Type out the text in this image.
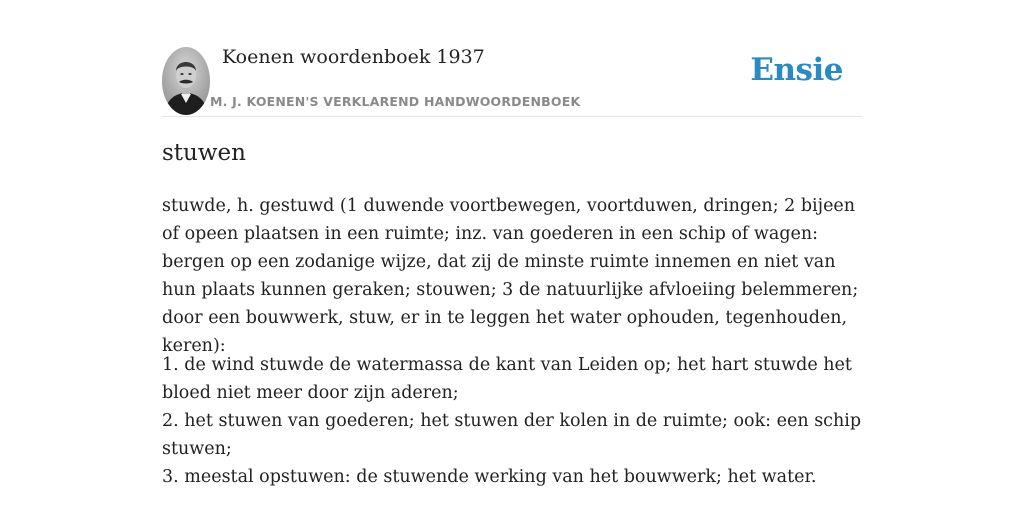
Koenen woordenboek 1937
M. J. KOENEN'S VERKLAREND HANDWOORDENBOEK
Ensie
stuwen

stuwde, h. gestuwd (1 duwende voortbewegen, voortduwen, dringen; 2 bijeen of opeen plaatsen in een ruimte; inz. van goederen in een schip of wagen: bergen op een zodanige wijze, dat zij de minste ruimte innemen en niet van hun plaats kunnen geraken; stouwen; 3 de natuurlijke afvloeiing belemmeren; door een bouwwerk, stuw, er in te leggen het water ophouden, tegenhouden, keren):

1. de wind stuwde de watermassa de kant van Leiden op; het hart stuwde het bloed niet meer door zijn aderen;
2. het stuwen van goederen; het stuwen der kolen in de ruimte; ook: een schip stuwen;
3. meestal opstuwen: de stuwende werking van het bouwwerk; het water.
